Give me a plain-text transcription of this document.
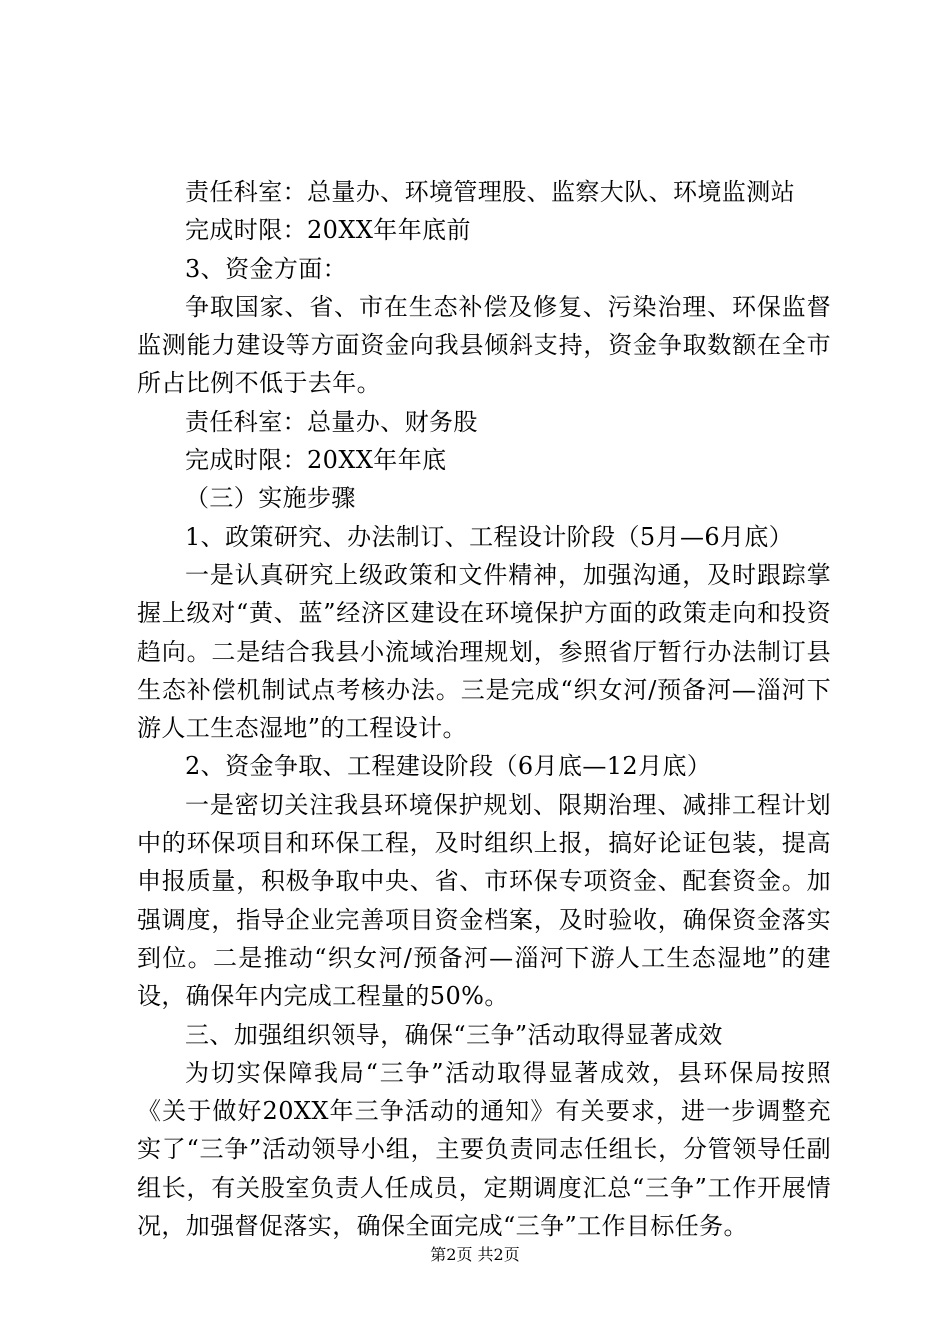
责任科室：总量办、环境管理股、监察大队、环境监测站

完成时限：20XX年年底前

3、资金方面：

争取国家、省、市在生态补偿及修复、污染治理、环保监督监测能力建设等方面资金向我县倾斜支持，资金争取数额在全市所占比例不低于去年。

责任科室：总量办、财务股

完成时限：20XX年年底

（三）实施步骤

1、政策研究、办法制订、工程设计阶段（5月—6月底）

一是认真研究上级政策和文件精神，加强沟通，及时跟踪掌握上级对“黄、蓝”经济区建设在环境保护方面的政策走向和投资趋向。二是结合我县小流域治理规划，参照省厅暂行办法制订县生态补偿机制试点考核办法。三是完成“织女河/预备河—淄河下游人工生态湿地”的工程设计。

2、资金争取、工程建设阶段（6月底—12月底）

一是密切关注我县环境保护规划、限期治理、减排工程计划中的环保项目和环保工程，及时组织上报，搞好论证包装，提高申报质量，积极争取中央、省、市环保专项资金、配套资金。加强调度，指导企业完善项目资金档案，及时验收，确保资金落实到位。二是推动“织女河/预备河—淄河下游人工生态湿地”的建设，确保年内完成工程量的50%。

三、加强组织领导，确保“三争”活动取得显著成效

为切实保障我局“三争”活动取得显著成效，县环保局按照《关于做好20XX年三争活动的通知》有关要求，进一步调整充实了“三争”活动领导小组，主要负责同志任组长，分管领导任副组长，有关股室负责人任成员，定期调度汇总“三争”工作开展情况，加强督促落实，确保全面完成“三争”工作目标任务。

第2页 共2页
